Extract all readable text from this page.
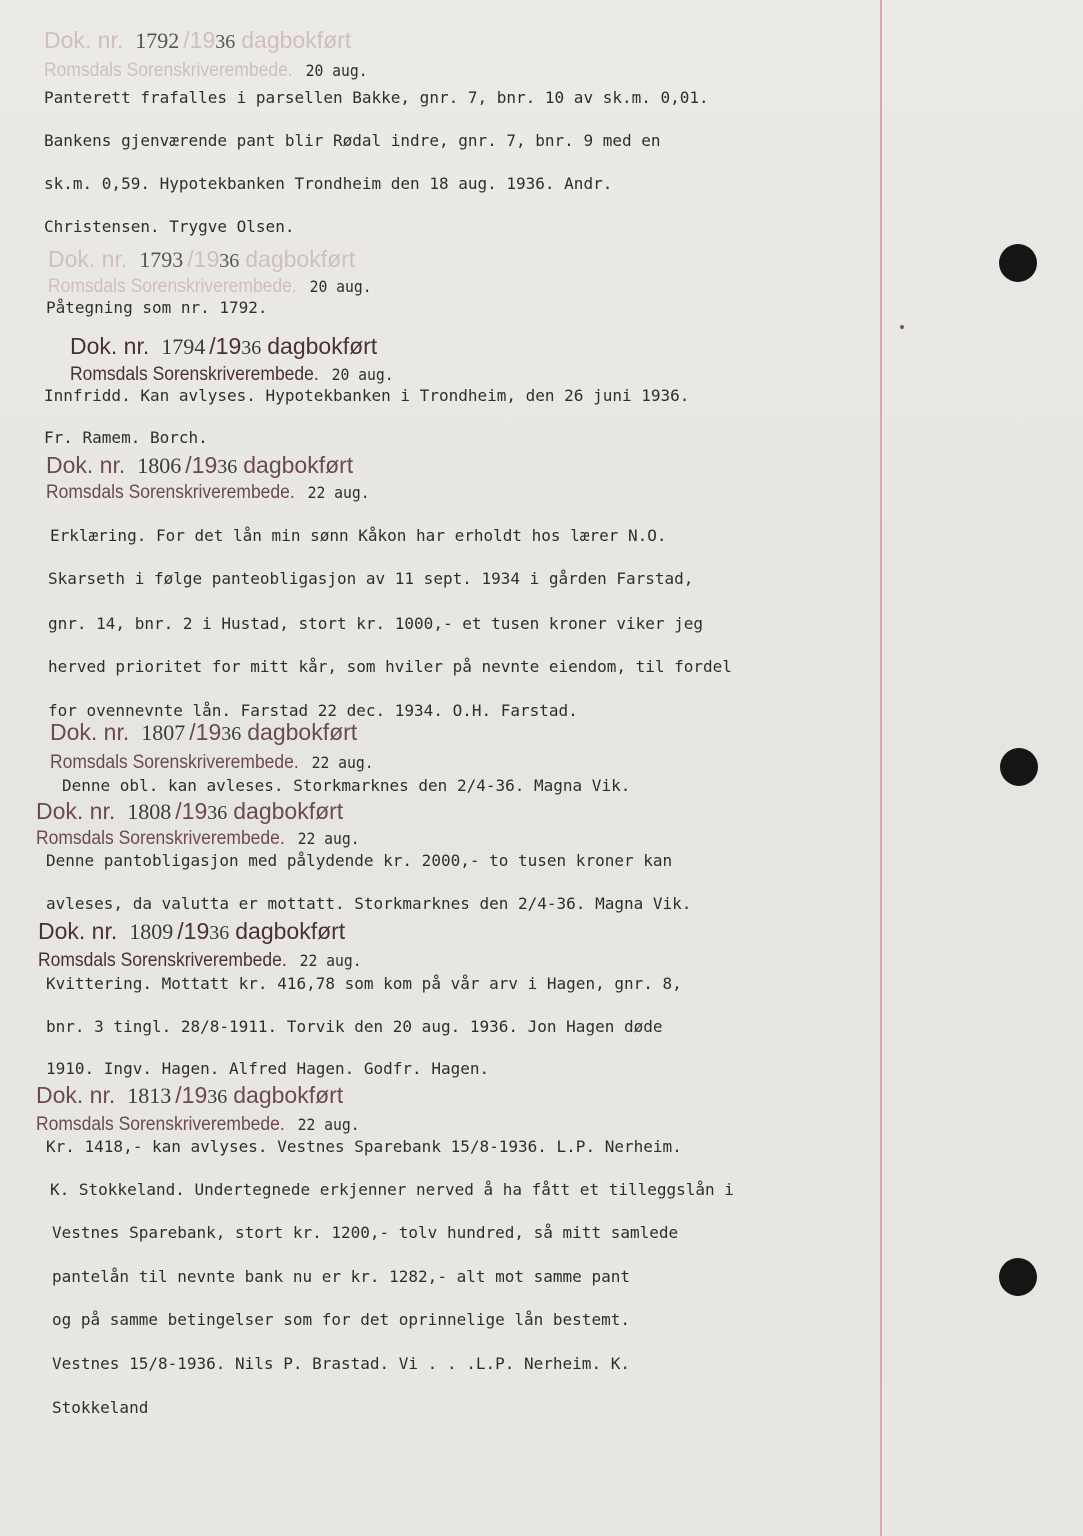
Dok. nr. 1792 /1936 dagbokført
Romsdals Sorenskriverembede. 20 aug.
Panterett frafalles i parsellen Bakke, gnr. 7, bnr. 10 av sk.m. 0,01.
Bankens gjenværende pant blir Rødal indre, gnr. 7, bnr. 9 med en
sk.m. 0,59. Hypotekbanken Trondheim den 18 aug. 1936. Andr.
Christensen. Trygve Olsen.
Dok. nr. 1793 /1936 dagbokført
Romsdals Sorenskriverembede. 20 aug.
Påtegning som nr. 1792.
Dok. nr. 1794 /1936 dagbokført
Romsdals Sorenskriverembede. 20 aug.
Innfridd. Kan avlyses. Hypotekbanken i Trondheim, den 26 juni 1936.
Fr. Ramem. Borch.
Dok. nr. 1806 /1936 dagbokført
Romsdals Sorenskriverembede. 22 aug.
Erklæring. For det lån min sønn Kåkon har erholdt hos lærer N.O.
Skarseth i følge panteobligasjon av 11 sept. 1934 i gården Farstad,
gnr. 14, bnr. 2 i Hustad, stort kr. 1000,- et tusen kroner viker jeg
herved prioritet for mitt kår, som hviler på nevnte eiendom, til fordel
for ovennevnte lån. Farstad 22 dec. 1934. O.H. Farstad.
Dok. nr. 1807 /1936 dagbokført
Romsdals Sorenskriverembede. 22 aug.
Denne obl. kan avleses. Storkmarknes den 2/4-36. Magna Vik.
Dok. nr. 1808 /1936 dagbokført
Romsdals Sorenskriverembede. 22 aug.
Denne pantobligasjon med pålydende kr. 2000,- to tusen kroner kan
avleses, da valutta er mottatt. Storkmarknes den 2/4-36. Magna Vik.
Dok. nr. 1809 /1936 dagbokført
Romsdals Sorenskriverembede. 22 aug.
Kvittering. Mottatt kr. 416,78 som kom på vår arv i Hagen, gnr. 8,
bnr. 3 tingl. 28/8-1911. Torvik den 20 aug. 1936. Jon Hagen døde
1910. Ingv. Hagen. Alfred Hagen. Godfr. Hagen.
Dok. nr. 1813 /1936 dagbokført
Romsdals Sorenskriverembede. 22 aug.
Kr. 1418,- kan avlyses. Vestnes Sparebank 15/8-1936. L.P. Nerheim.
K. Stokkeland. Undertegnede erkjenner nerved å ha fått et tilleggslån i
Vestnes Sparebank, stort kr. 1200,- tolv hundred, så mitt samlede
pantelån til nevnte bank nu er kr. 1282,- alt mot samme pant
og på samme betingelser som for det oprinnelige lån bestemt.
Vestnes 15/8-1936. Nils P. Brastad. Vi . . .L.P. Nerheim. K.
Stokkeland
